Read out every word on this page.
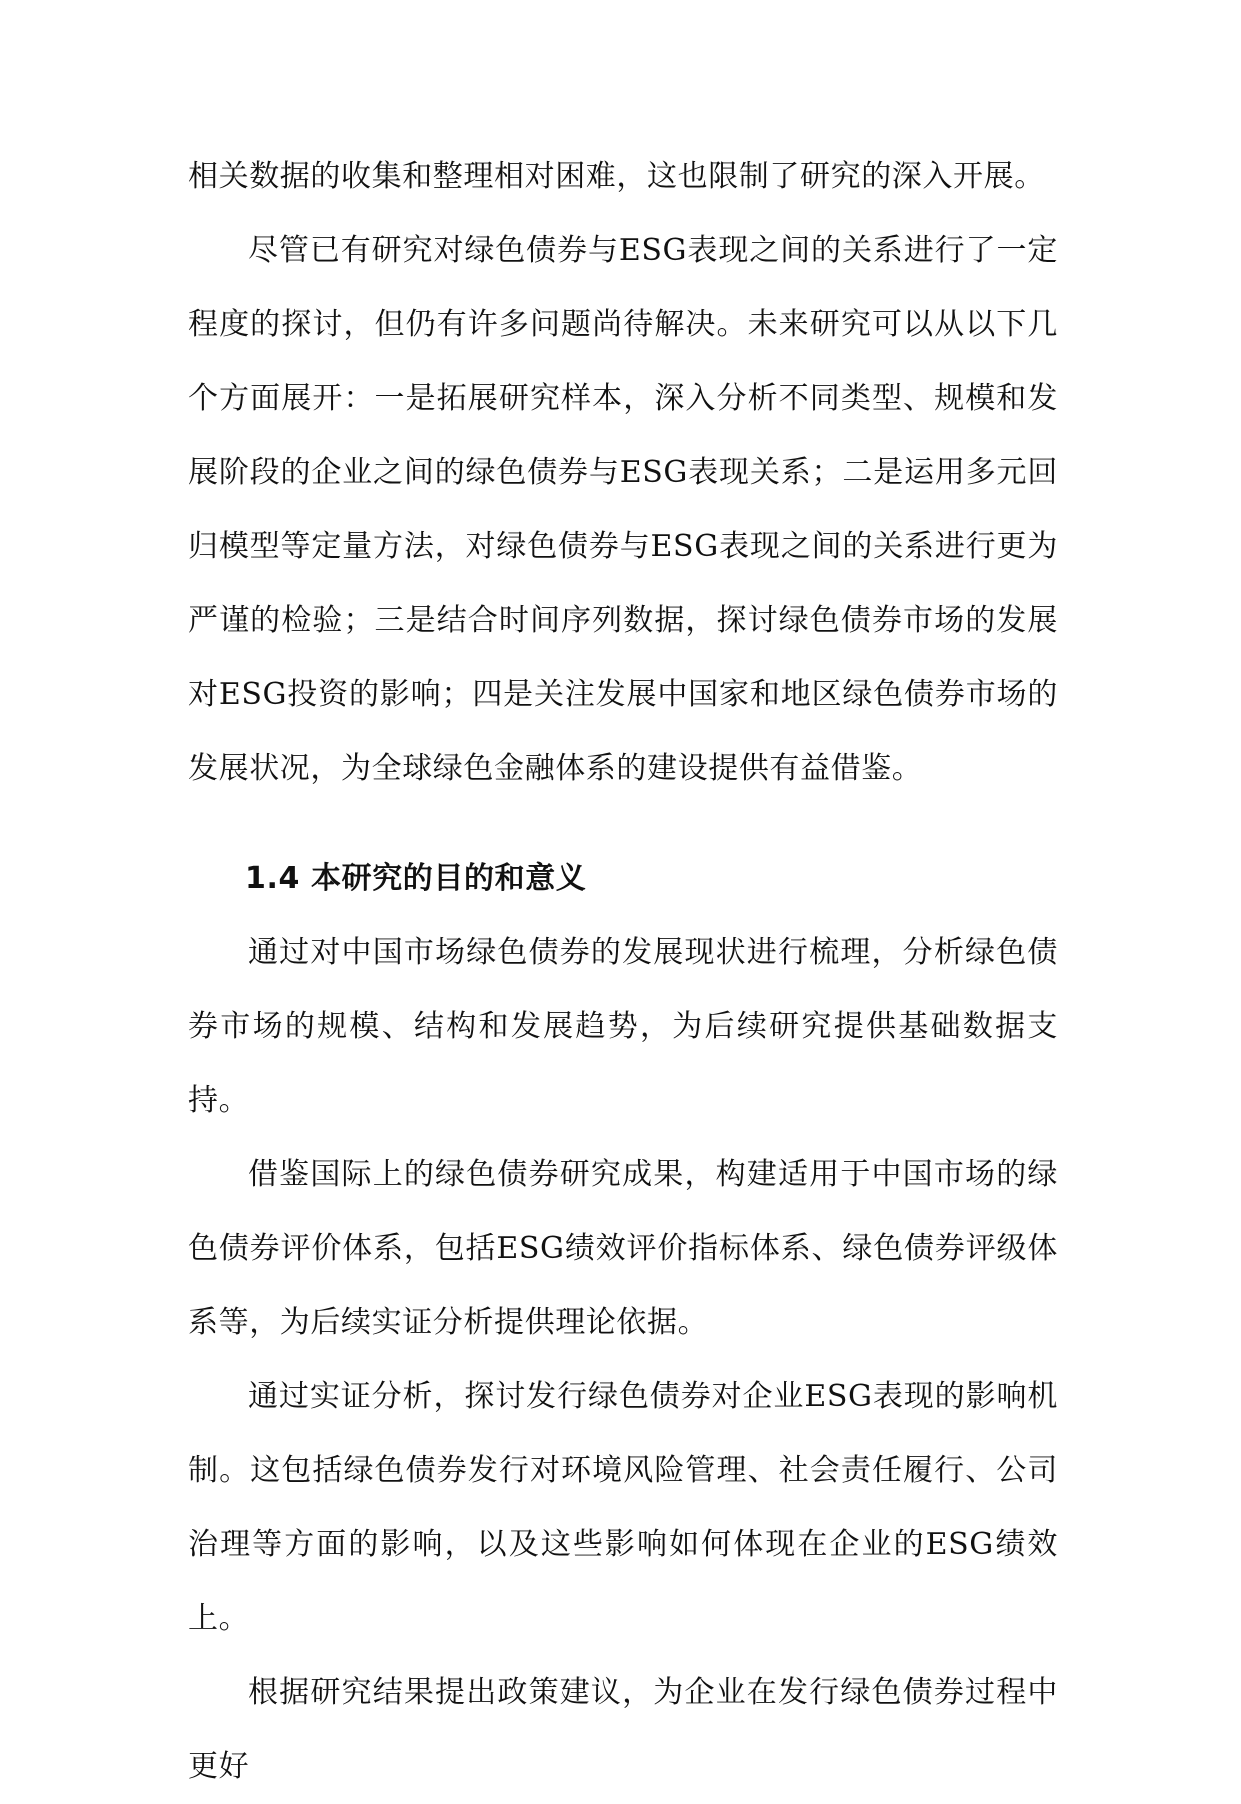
相关数据的收集和整理相对困难，这也限制了研究的深入开展。

尽管已有研究对绿色债券与ESG表现之间的关系进行了一定程度的探讨，但仍有许多问题尚待解决。未来研究可以从以下几个方面展开：一是拓展研究样本，深入分析不同类型、规模和发展阶段的企业之间的绿色债券与ESG表现关系；二是运用多元回归模型等定量方法，对绿色债券与ESG表现之间的关系进行更为严谨的检验；三是结合时间序列数据，探讨绿色债券市场的发展对ESG投资的影响；四是关注发展中国家和地区绿色债券市场的发展状况，为全球绿色金融体系的建设提供有益借鉴。

1.4 本研究的目的和意义

通过对中国市场绿色债券的发展现状进行梳理，分析绿色债券市场的规模、结构和发展趋势，为后续研究提供基础数据支持。

借鉴国际上的绿色债券研究成果，构建适用于中国市场的绿色债券评价体系，包括ESG绩效评价指标体系、绿色债券评级体系等，为后续实证分析提供理论依据。

通过实证分析，探讨发行绿色债券对企业ESG表现的影响机制。这包括绿色债券发行对环境风险管理、社会责任履行、公司治理等方面的影响，以及这些影响如何体现在企业的ESG绩效上。

根据研究结果提出政策建议，为企业在发行绿色债券过程中更好
